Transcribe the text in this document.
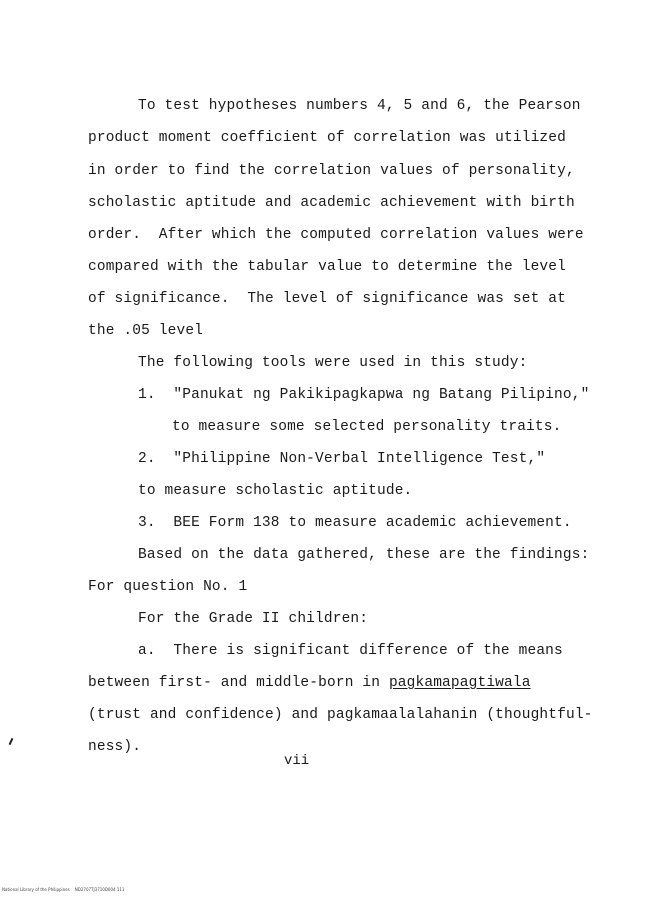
To test hypotheses numbers 4, 5 and 6, the Pearson
product moment coefficient of correlation was utilized
in order to find the correlation values of personality,
scholastic aptitude and academic achievement with birth
order.  After which the computed correlation values were
compared with the tabular value to determine the level
of significance.  The level of significance was set at
the .05 level
The following tools were used in this study:
1.  "Panukat ng Pakikipagkapwa ng Batang Pilipino,"
to measure some selected personality traits.
2.  "Philippine Non-Verbal Intelligence Test,"
to measure scholastic aptitude.
3.  BEE Form 138 to measure academic achievement.
Based on the data gathered, these are the findings:
For question No. 1
For the Grade II children:
a.  There is significant difference of the means
between first- and middle-born in pagkamapagtiwala
(trust and confidence) and pagkamaalalahanin (thoughtful-
ness).
vii
National Library of the Philippines    ND2707TJ3710D004 111
